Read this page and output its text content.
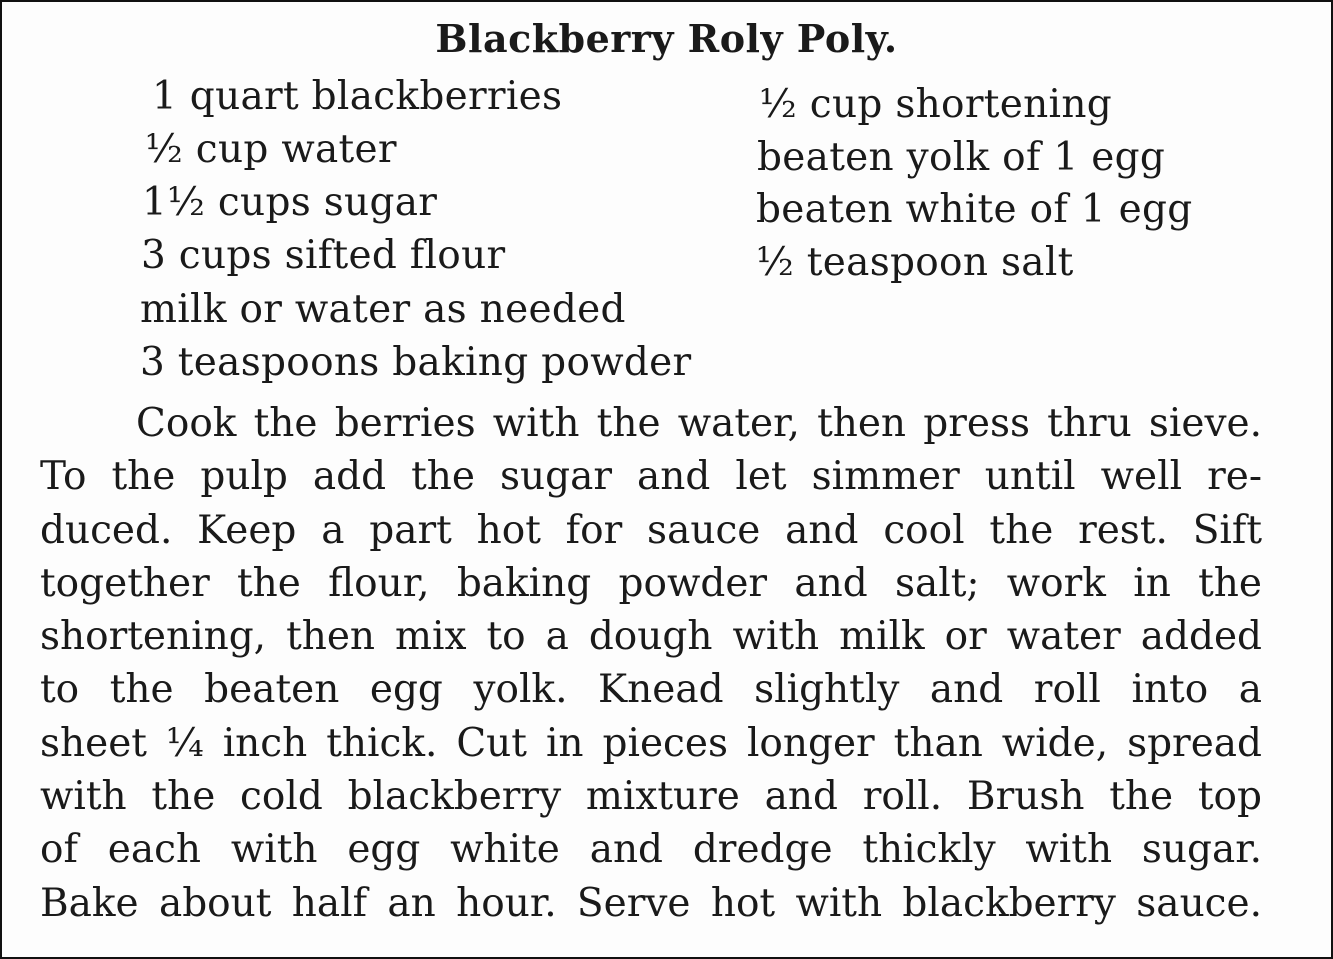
Blackberry Roly Poly.
1 quart blackberries
½ cup water
1½ cups sugar
3 cups sifted flour
milk or water as needed
3 teaspoons baking powder
½ cup shortening
beaten yolk of 1 egg
beaten white of 1 egg
½ teaspoon salt
Cook the berries with the water, then press thru sieve.
To the pulp add the sugar and let simmer until well re-
duced. Keep a part hot for sauce and cool the rest. Sift
together the flour, baking powder and salt; work in the
shortening, then mix to a dough with milk or water added
to the beaten egg yolk. Knead slightly and roll into a
sheet ¼ inch thick. Cut in pieces longer than wide, spread
with the cold blackberry mixture and roll. Brush the top
of each with egg white and dredge thickly with sugar.
Bake about half an hour. Serve hot with blackberry sauce.
